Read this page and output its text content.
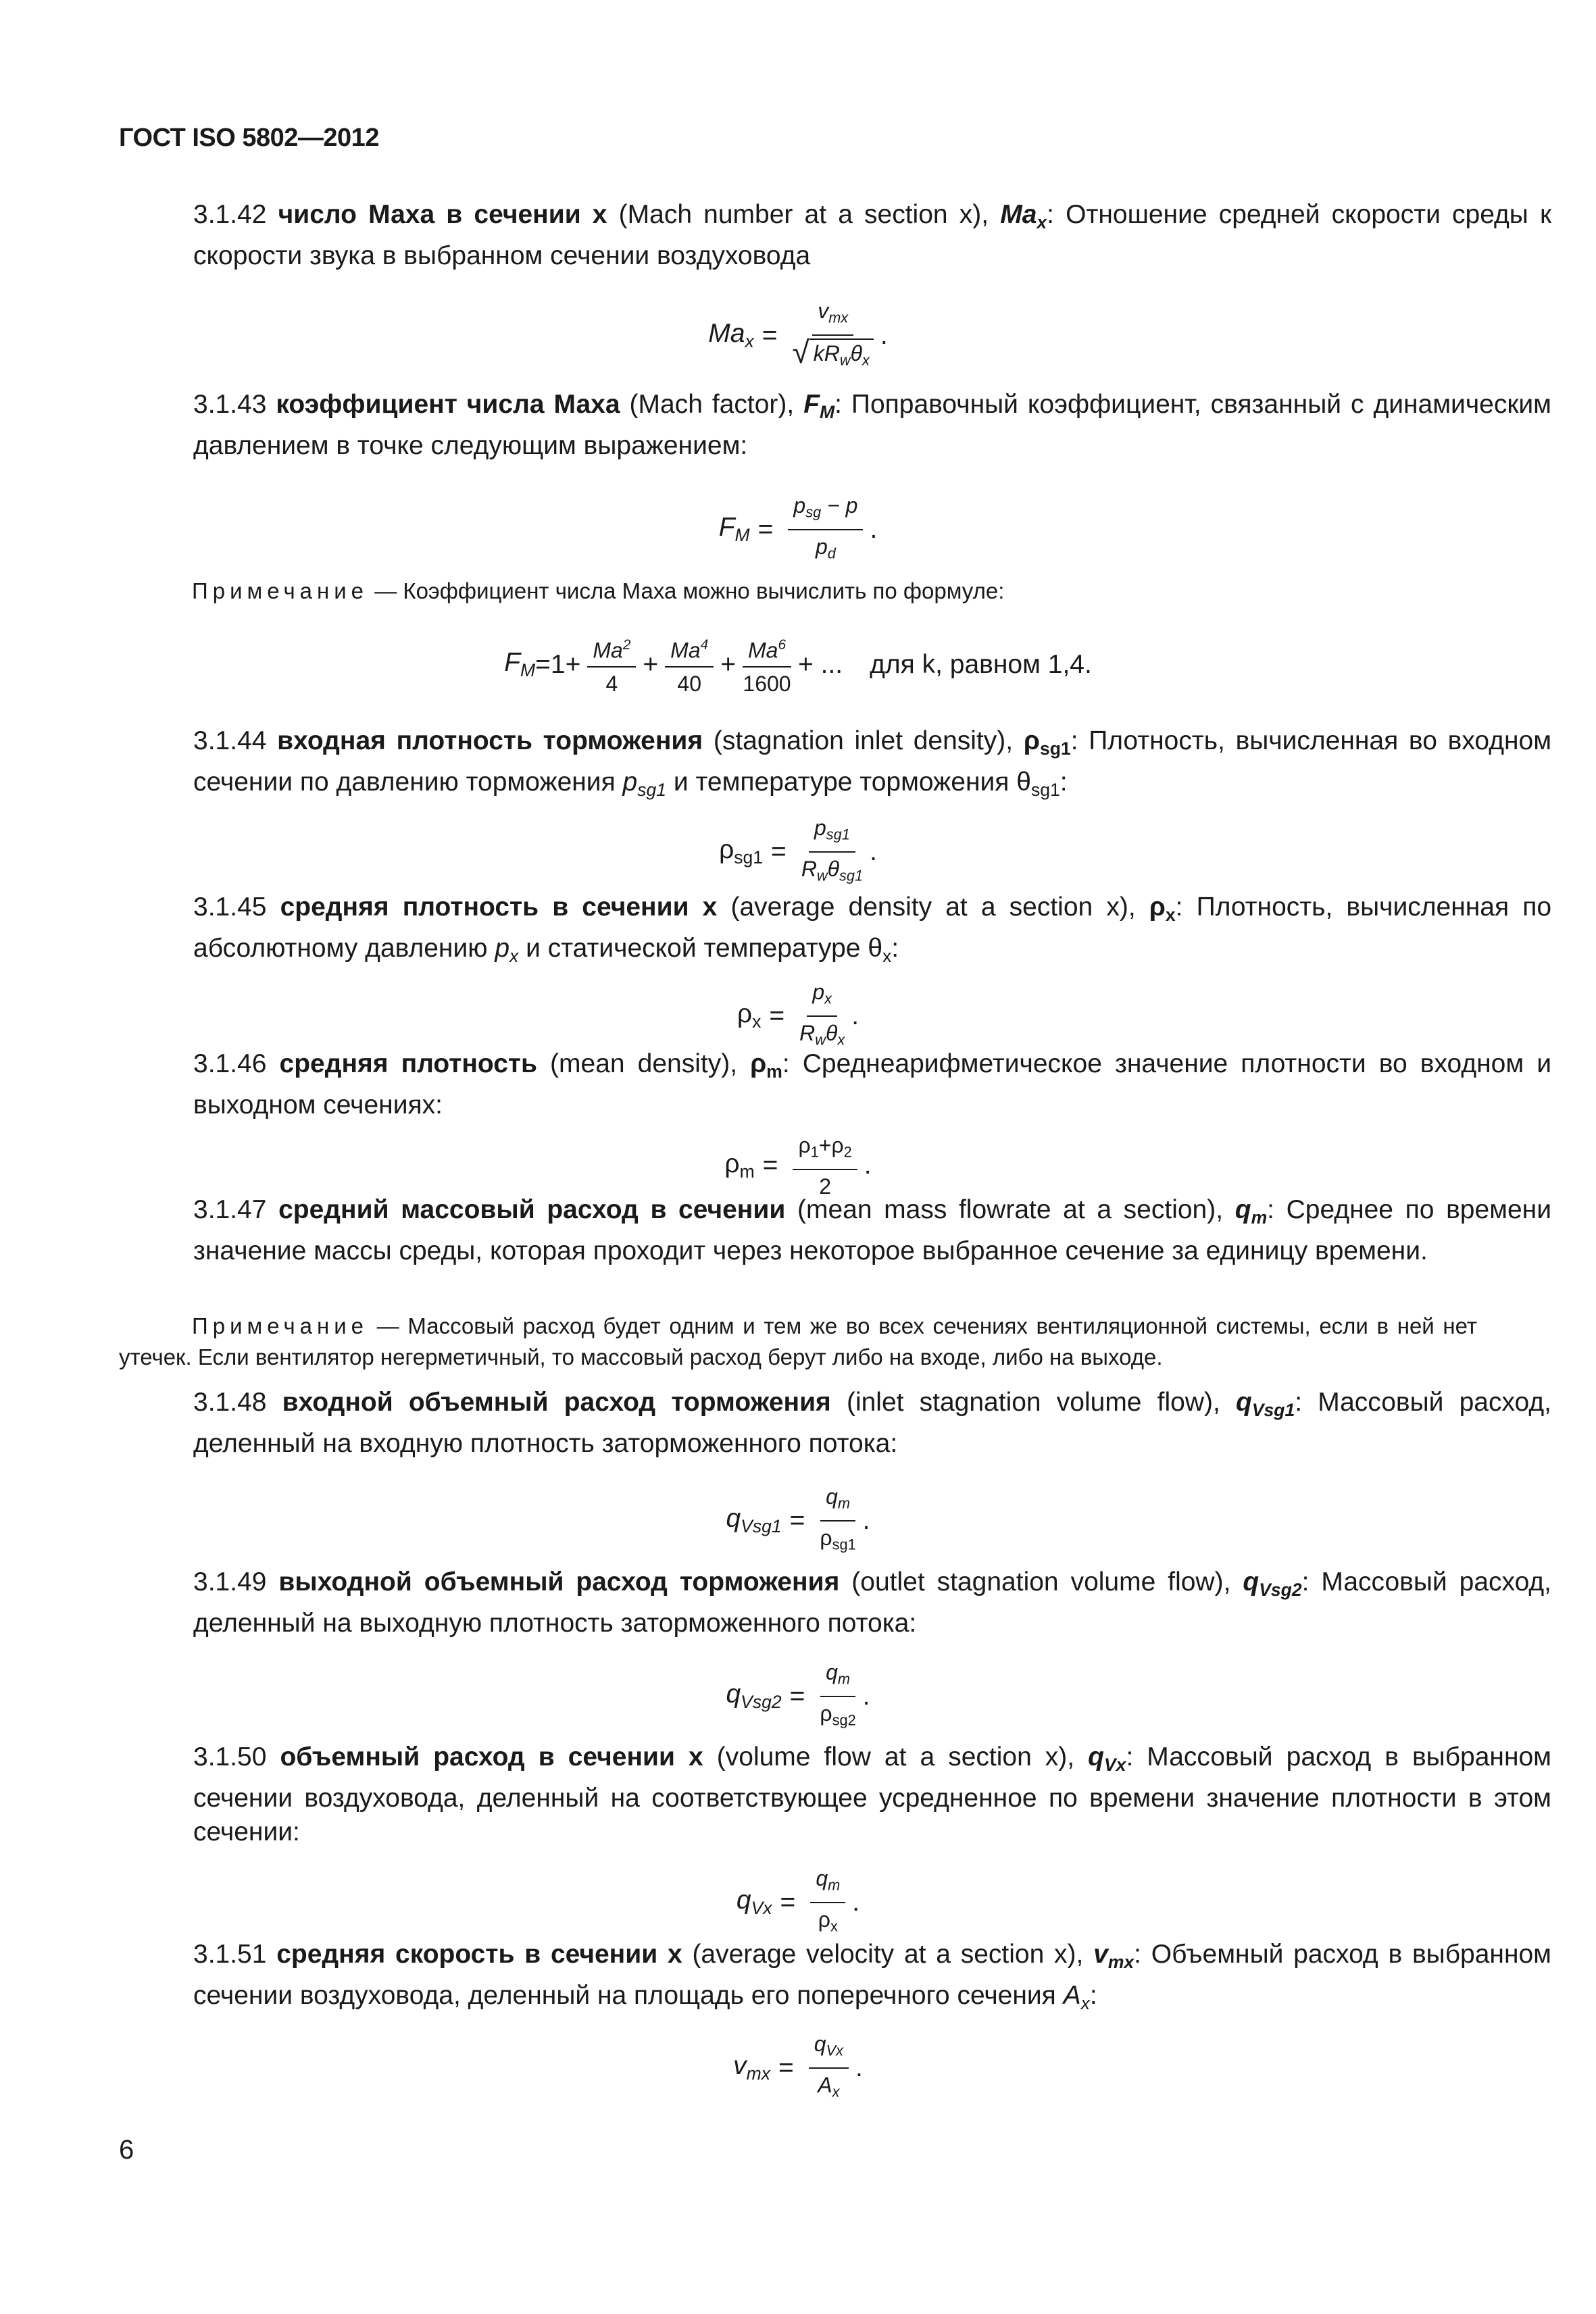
ГОСТ ISO 5802—2012
3.1.42 число Маха в сечении x (Mach number at a section x), $Ma_x$: Отношение средней скорости среды к скорости звука в выбранном сечении воздуховода
$Ma_x = \frac{v_{mx}}{√ kR_w\theta_x}$ .
3.1.43 коэффициент числа Маха (Mach factor), $F_M$: Поправочный коэффициент, связанный с динамическим давлением в точке следующим выражением:
$F_M = \frac{p_{sg} - p}{p_d}$ .
Примечание — Коэффициент числа Маха можно вычислить по формуле:
$F_M =1+ \frac{Ma^2}{4} + \frac{Ma^4}{40} + \frac{Ma^6}{1600}$ + ... для k, равном 1,4.
3.1.44 входная плотность торможения (stagnation inlet density), $\rho_{sg1}$: Плотность, вычисленная во входном сечении по давлению торможения $p_{sg1}$ и температуре торможения $\theta_{sg1}$:
$\rho_{sg1} = \frac{p_{sg1}}{R_w\theta_{sg1}}$ .
3.1.45 средняя плотность в сечении x (average density at a section x), $\rho_x$: Плотность, вычисленная по абсолютному давлению $p_x$ и статической температуре $\theta_x$:
$\rho_x = \frac{p_x}{R_w\theta_x}$ .
3.1.46 средняя плотность (mean density), $\rho_m$: Среднеарифметическое значение плотности во входном и выходном сечениях:
$\rho_m = \frac{\rho_1+\rho_2}{2}$ .
3.1.47 средний массовый расход в сечении (mean mass flowrate at a section), $q_m$: Среднее по времени значение массы среды, которая проходит через некоторое выбранное сечение за единицу времени.
Примечание — Массовый расход будет одним и тем же во всех сечениях вентиляционной системы, если в ней нет утечек. Если вентилятор негерметичный, то массовый расход берут либо на входе, либо на выходе.
3.1.48 входной объемный расход торможения (inlet stagnation volume flow), $q_{Vsg1}$: Массовый расход, деленный на входную плотность заторможенного потока:
$q_{Vsg1} = \frac{q_m}{\rho_{sg1}}$ .
3.1.49 выходной объемный расход торможения (outlet stagnation volume flow), $q_{Vsg2}$: Массовый расход, деленный на выходную плотность заторможенного потока:
$q_{Vsg2} = \frac{q_m}{\rho_{sg2}}$ .
3.1.50 объемный расход в сечении x (volume flow at a section x), $q_{Vx}$: Массовый расход в выбранном сечении воздуховода, деленный на соответствующее усредненное по времени значение плотности в этом сечении:
$q_{Vx} = \frac{q_m}{\rho_x}$ .
3.1.51 средняя скорость в сечении x (average velocity at a section x), $v_{mx}$: Объемный расход в выбранном сечении воздуховода, деленный на площадь его поперечного сечения $A_x$:
$v_{mx} = \frac{q_{Vx}}{A_x}$ .
6
